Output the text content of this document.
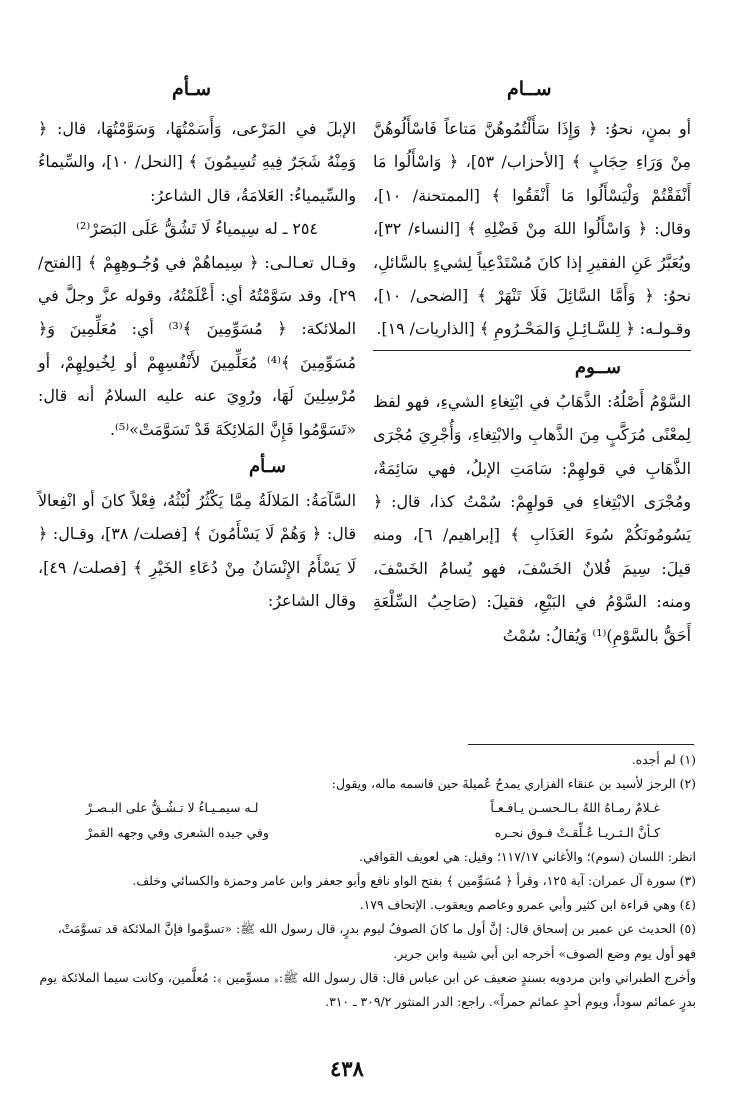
ســام
سـأم

أو بمنٍ، نحوُ: ﴿ وَإِذَا سَأَلْتُمُوهُنَّ مَتاعاً فَاسْأَلُوهُنَّ مِنْ وَرَاءِ حِجَابٍ ﴾ [الأحزاب/ ٥٣]، ﴿ وَاسْأَلُوا مَا أَنْفَقْتُمْ وَلْيَسْأَلُوا مَا أَنْفَقُوا ﴾ [الممتحنة/ ١٠]، وقال: ﴿ وَاسْأَلُوا اللهَ مِنْ فَضْلِهِ ﴾ [النساء/ ٣٢]، ويُعَبَّرُ عَنِ الفقيرِ إذا كانَ مُسْتَدْعِياً لِشيءٍ بالسَّائلِ، نحوُ: ﴿ وَأَمَّا السَّائِلَ فَلَا تَنْهَرْ ﴾ [الضحى/ ١٠]، وقـولـه: ﴿ لِلسَّـائِـلِ وَالمَحْـرُومِ ﴾ [الذاريات/ ١٩].

ســوم

السَّوْمُ أَصْلُهُ: الذَّهَابُ في ابْتِغاءِ الشيءِ، فهو لفظ لِمعْنًى مُرَكَّبٍ مِنَ الذَّهابِ والابْتِغاءِ، وَأُجْرِيَ مُجْرَى الذَّهَابِ في قولهِمْ: سَامَتِ الإبلُ، فهي سَائِمَةٌ، ومُجْرَى الابْتِغاءِ في قولهِمْ: سُمْتُ كذا، قال: ﴿ يَسُومُونَكُمْ سُوءَ العَذَابِ ﴾ [إبراهيم/ ٦]، ومنه قيلَ: سِيمَ فُلانٌ الخَسْفَ، فهو يُسامُ الخَسْفَ، ومنه: السَّوْمُ في البَيْعِ، فقيلَ: (صَاحِبُ السِّلْعَةِ أَحَقُّ بالسَّوْمِ)⁽¹⁾ وَيُقالُ: سُمْتُ

الإبلَ في المَرْعى، وَأَسَمْتُهَا، وَسَوَّمْتُهَا، قال: ﴿ وَمِنْهُ شَجَرٌ فِيهِ تُسِيمُونَ ﴾ [النحل/ ١٠]، والسِّيماءُ والسِّيمياءُ: العَلامَةُ، قال الشاعرُ:

٢٥٤ ـ له سِيمياءُ لَا تَشُقُّ عَلَى البَصَرْ⁽²⁾

وقـال تعـالـى: ﴿ سِيماهُمْ في وُجُـوهِهِمْ ﴾ [الفتح/ ٢٩]، وقد سَوَّمْتُهُ أي: أَعْلَمْتُهُ، وقوله عزَّ وجلَّ في الملائكة: ﴿ مُسَوِّمِينَ ﴾⁽³⁾ أي: مُعَلِّمِينَ وَ﴿ مُسَوِّمِينَ ﴾⁽⁴⁾ مُعَلِّمِينَ لأَنْفُسِهِمْ أو لِخُيولِهِمْ، أو مُرْسِلِينَ لَهَا، ورُوِيَ عنه عليه السلامُ أنه قال: «تَسَوَّمُوا فَإِنَّ المَلائِكَةَ قَدْ تَسَوَّمَتْ»⁽⁵⁾.

سـأم

السَّآمَةُ: المَلالَةُ مِمَّا يَكْثُرُ لُبْثُهُ، فِعْلاً كانَ أو انْفِعالاً قال: ﴿ وَهُمْ لَا يَسْأَمُونَ ﴾ [فصلت/ ٣٨]، وقـال: ﴿ لَا يَسْأَمُ الإِنْسَانُ مِنْ دُعَاءِ الخَيْرِ ﴾ [فصلت/ ٤٩]، وقال الشاعرُ:

(١) لم أجده.

(٢) الرجز لأسيد بن عنقاء الفزاري يمدحُ عُميلةَ حين قاسمه ماله، ويقول:

غـلامٌ رمـاهُ اللهُ بـالـحسـن يـافـعـاً
لـه سيمـيـاءُ لا تـشُـقُّ على البـصـرْ
كـأنَّ الـثـريـا عُـلِّقـتْ فـوق نحـره
وفي جيده الشعرى وفي وجهه القمرْ

انظر: اللسان (سوم)؛ والأغاني ١١٧/١٧؛ وقيل: هي لعويف القوافي.

(٣) سورة آل عمران: آية ١٢٥، وقرأ ﴿ مُسَوِّمين ﴾ بفتح الواو نافع وأبو جعفر وابن عامر وحمزة والكسائي وخلف.

(٤) وهي قراءة ابن كثير وأبي عمرو وعاصم ويعقوب. الإتحاف ١٧٩.

(٥) الحديث عن عمير بن إسحاق قال: إنَّ أول ما كانَ الصوفُ ليوم بدرٍ، قال رسول الله ﷺ: «تسوَّموا فإنَّ الملائكة قد تسوَّمَتْ، فهو أول يوم وضع الصوف» أخرجه ابن أبي شيبة وابن جرير.

وأخرج الطبراني وابن مردويه بسندٍ ضعيف عن ابن عباس قال: قال رسول الله ﷺ:﴿ مسوِّمين ﴾: مُعلَّمين، وكانت سيما الملائكة يوم بدرٍ عمائم سوداً، ويوم أحدٍ عمائم حمراً». راجع: الدر المنثور ٣٠٩/٢ ـ ٣١٠.

٤٣٨
